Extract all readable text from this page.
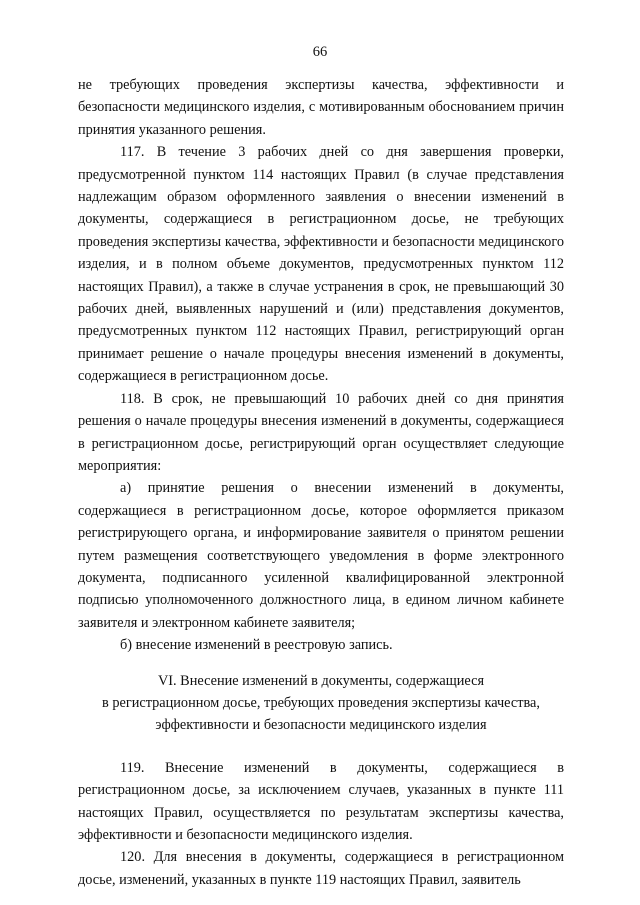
66

не требующих проведения экспертизы качества, эффективности и безопасности медицинского изделия, с мотивированным обоснованием причин принятия указанного решения.

117. В течение 3 рабочих дней со дня завершения проверки, предусмотренной пунктом 114 настоящих Правил (в случае представления надлежащим образом оформленного заявления о внесении изменений в документы, содержащиеся в регистрационном досье, не требующих проведения экспертизы качества, эффективности и безопасности медицинского изделия, и в полном объеме документов, предусмотренных пунктом 112 настоящих Правил), а также в случае устранения в срок, не превышающий 30 рабочих дней, выявленных нарушений и (или) представления документов, предусмотренных пунктом 112 настоящих Правил, регистрирующий орган принимает решение о начале процедуры внесения изменений в документы, содержащиеся в регистрационном досье.

118. В срок, не превышающий 10 рабочих дней со дня принятия решения о начале процедуры внесения изменений в документы, содержащиеся в регистрационном досье, регистрирующий орган осуществляет следующие мероприятия:

а) принятие решения о внесении изменений в документы, содержащиеся в регистрационном досье, которое оформляется приказом регистрирующего органа, и информирование заявителя о принятом решении путем размещения соответствующего уведомления в форме электронного документа, подписанного усиленной квалифицированной электронной подписью уполномоченного должностного лица, в едином личном кабинете заявителя и электронном кабинете заявителя;

б) внесение изменений в реестровую запись.

VI. Внесение изменений в документы, содержащиеся
в регистрационном досье, требующих проведения экспертизы качества,
эффективности и безопасности медицинского изделия

119. Внесение изменений в документы, содержащиеся в регистрационном досье, за исключением случаев, указанных в пункте 111 настоящих Правил, осуществляется по результатам экспертизы качества, эффективности и безопасности медицинского изделия.

120. Для внесения в документы, содержащиеся в регистрационном досье, изменений, указанных в пункте 119 настоящих Правил, заявитель
